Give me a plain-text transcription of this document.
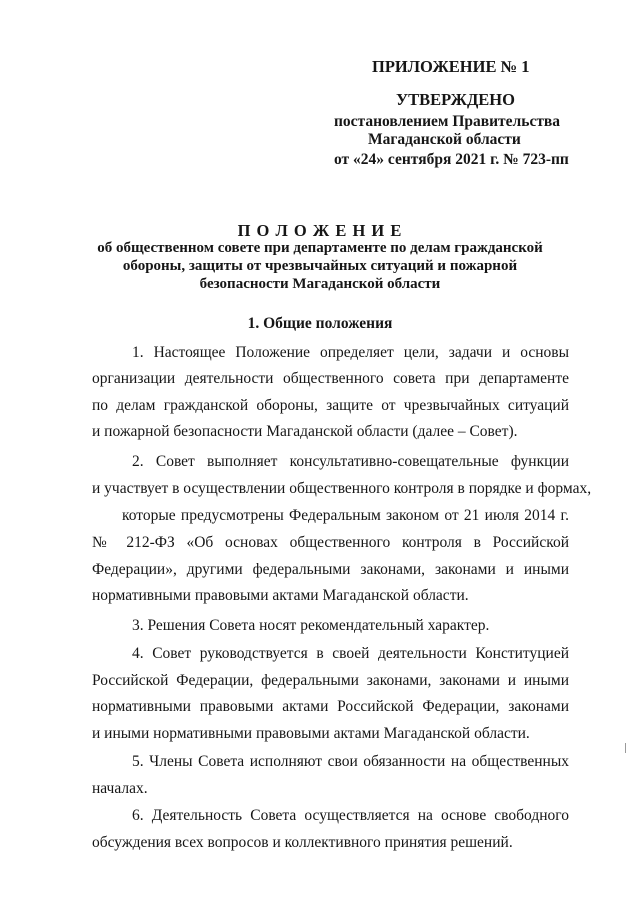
ПРИЛОЖЕНИЕ № 1
УТВЕРЖДЕНО
постановлением Правительства
Магаданской области
от «24» сентября 2021 г. № 723-пп
П О Л О Ж Е Н И Е
об общественном совете при департаменте по делам гражданской
обороны, защиты от чрезвычайных ситуаций и пожарной
безопасности Магаданской области
1. Общие положения
1. Настоящее Положение определяет цели, задачи и основы
организации деятельности общественного совета при департаменте
по делам гражданской обороны, защите от чрезвычайных ситуаций
и пожарной безопасности Магаданской области (далее – Совет).
2. Совет выполняет консультативно-совещательные функции
и участвует в осуществлении общественного контроля в порядке и формах,
которые предусмотрены Федеральным законом от 21 июля 2014 г.
№ 212-ФЗ «Об основах общественного контроля в Российской
Федерации», другими федеральными законами, законами и иными
нормативными правовыми актами Магаданской области.
3. Решения Совета носят рекомендательный характер.
4. Совет руководствуется в своей деятельности Конституцией
Российской Федерации, федеральными законами, законами и иными
нормативными правовыми актами Российской Федерации, законами
и иными нормативными правовыми актами Магаданской области.
5. Члены Совета исполняют свои обязанности на общественных
началах.
6. Деятельность Совета осуществляется на основе свободного
обсуждения всех вопросов и коллективного принятия решений.
